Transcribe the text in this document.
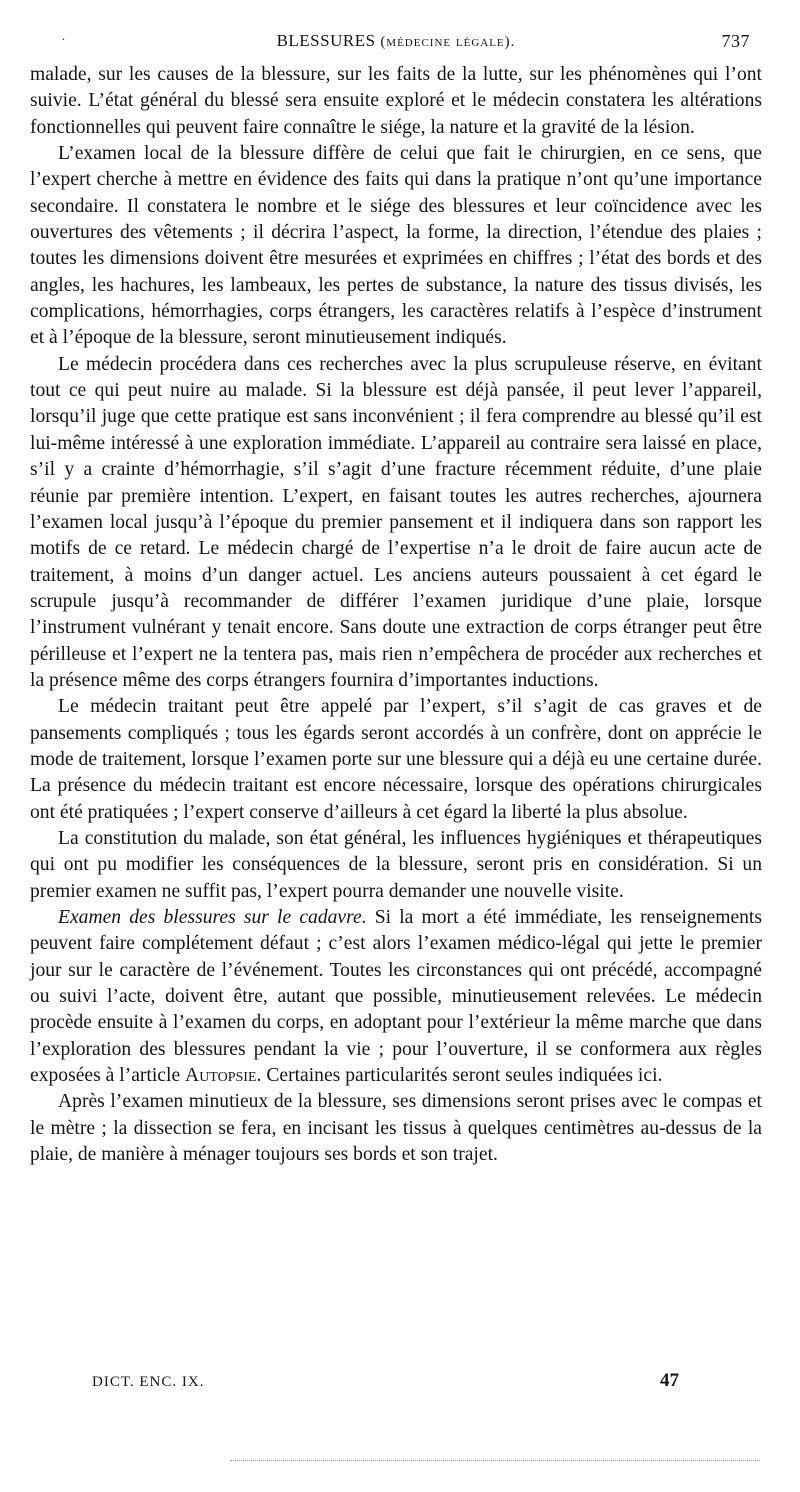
.	BLESSURES (médecine légale).	737

malade, sur les causes de la blessure, sur les faits de la lutte, sur les phénomènes qui l’ont suivie. L’état général du blessé sera ensuite exploré et le médecin constatera les altérations fonctionnelles qui peuvent faire connaître le siége, la nature et la gravité de la lésion.

L’examen local de la blessure diffère de celui que fait le chirurgien, en ce sens, que l’expert cherche à mettre en évidence des faits qui dans la pratique n’ont qu’une importance secondaire. Il constatera le nombre et le siége des blessures et leur coïncidence avec les ouvertures des vêtements ; il décrira l’aspect, la forme, la direction, l’étendue des plaies ; toutes les dimensions doivent être mesurées et exprimées en chiffres ; l’état des bords et des angles, les hachures, les lambeaux, les pertes de substance, la nature des tissus divisés, les complications, hémorrhagies, corps étrangers, les caractères relatifs à l’espèce d’instrument et à l’époque de la blessure, seront minutieusement indiqués.

Le médecin procédera dans ces recherches avec la plus scrupuleuse réserve, en évitant tout ce qui peut nuire au malade. Si la blessure est déjà pansée, il peut lever l’appareil, lorsqu’il juge que cette pratique est sans inconvénient ; il fera comprendre au blessé qu’il est lui-même intéressé à une exploration immédiate. L’appareil au contraire sera laissé en place, s’il y a crainte d’hémorrhagie, s’il s’agit d’une fracture récemment réduite, d’une plaie réunie par première intention. L’expert, en faisant toutes les autres recherches, ajournera l’examen local jusqu’à l’époque du premier pansement et il indiquera dans son rapport les motifs de ce retard. Le médecin chargé de l’expertise n’a le droit de faire aucun acte de traitement, à moins d’un danger actuel. Les anciens auteurs poussaient à cet égard le scrupule jusqu’à recommander de différer l’examen juridique d’une plaie, lorsque l’instrument vulnérant y tenait encore. Sans doute une extraction de corps étranger peut être périlleuse et l’expert ne la tentera pas, mais rien n’empêchera de procéder aux recherches et la présence même des corps étrangers fournira d’importantes inductions.

Le médecin traitant peut être appelé par l’expert, s’il s’agit de cas graves et de pansements compliqués ; tous les égards seront accordés à un confrère, dont on apprécie le mode de traitement, lorsque l’examen porte sur une blessure qui a déjà eu une certaine durée. La présence du médecin traitant est encore nécessaire, lorsque des opérations chirurgicales ont été pratiquées ; l’expert conserve d’ailleurs à cet égard la liberté la plus absolue.

La constitution du malade, son état général, les influences hygiéniques et thérapeutiques qui ont pu modifier les conséquences de la blessure, seront pris en considération. Si un premier examen ne suffit pas, l’expert pourra demander une nouvelle visite.

Examen des blessures sur le cadavre. Si la mort a été immédiate, les renseignements peuvent faire complétement défaut ; c’est alors l’examen médico-légal qui jette le premier jour sur le caractère de l’événement. Toutes les circonstances qui ont précédé, accompagné ou suivi l’acte, doivent être, autant que possible, minutieusement relevées. Le médecin procède ensuite à l’examen du corps, en adoptant pour l’extérieur la même marche que dans l’exploration des blessures pendant la vie ; pour l’ouverture, il se conformera aux règles exposées à l’article Autopsie. Certaines particularités seront seules indiquées ici.

Après l’examen minutieux de la blessure, ses dimensions seront prises avec le compas et le mètre ; la dissection se fera, en incisant les tissus à quelques centimètres au-dessus de la plaie, de manière à ménager toujours ses bords et son trajet.

DICT. ENC. IX.	47
